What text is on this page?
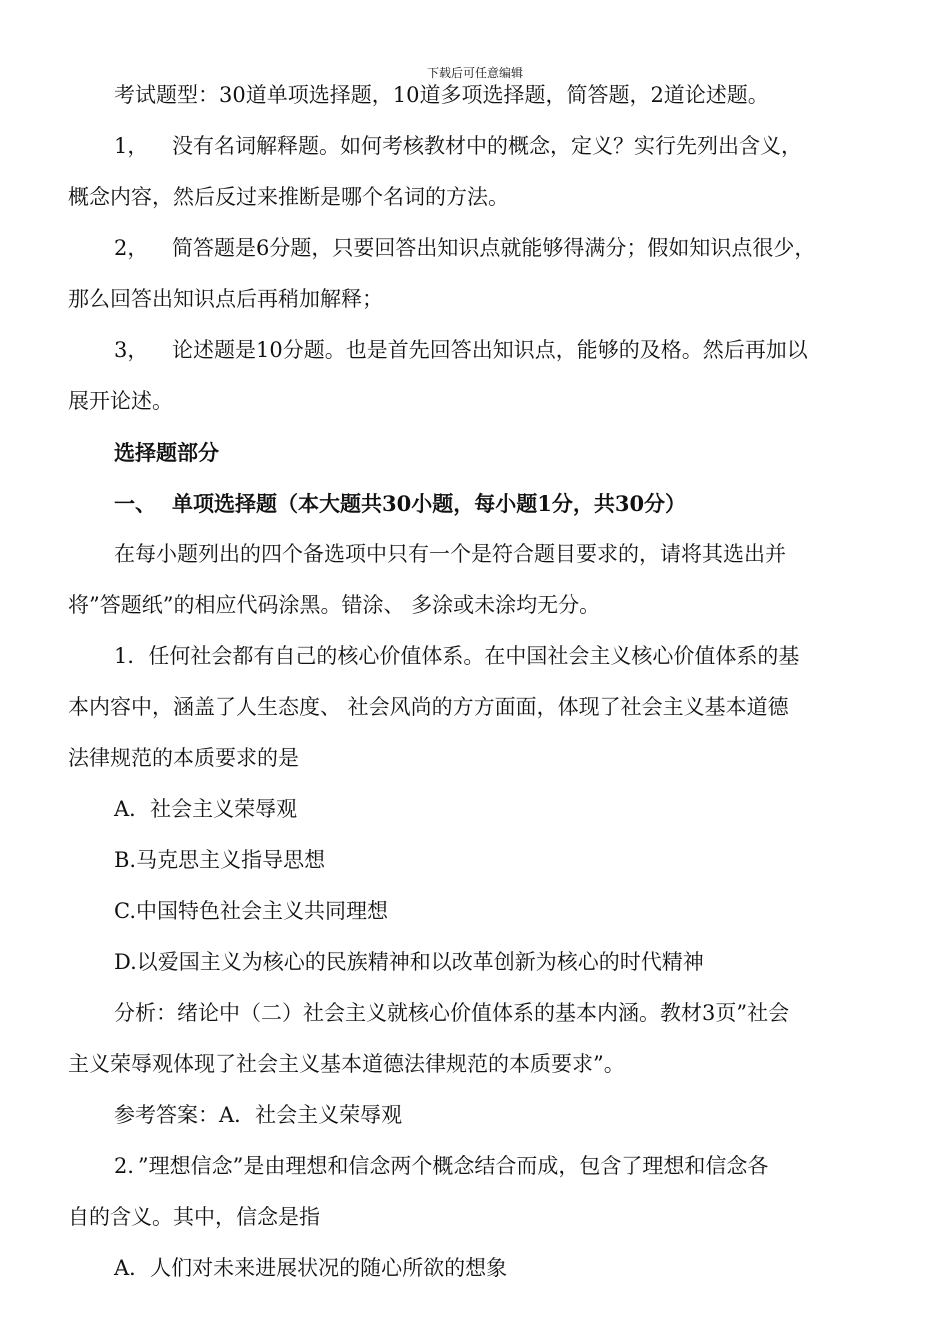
下载后可任意编辑

考试题型：30道单项选择题，10道多项选择题，简答题，2道论述题。

1， 没有名词解释题。如何考核教材中的概念，定义？实行先列出含义，

概念内容，然后反过来推断是哪个名词的方法。

2， 简答题是6分题，只要回答出知识点就能够得满分；假如知识点很少，

那么回答出知识点后再稍加解释；

3， 论述题是10分题。也是首先回答出知识点，能够的及格。然后再加以

展开论述。

选择题部分

一、 单项选择题（本大题共30小题，每小题1分，共30分）

在每小题列出的四个备选项中只有一个是符合题目要求的，请将其选出并

将”答题纸”的相应代码涂黑。错涂、 多涂或未涂均无分。

1．任何社会都有自己的核心价值体系。在中国社会主义核心价值体系的基

本内容中，涵盖了人生态度、 社会风尚的方方面面，体现了社会主义基本道德

法律规范的本质要求的是

A．社会主义荣辱观

B.马克思主义指导思想

C.中国特色社会主义共同理想

D.以爱国主义为核心的民族精神和以改革创新为核心的时代精神

分析：绪论中（二）社会主义就核心价值体系的基本内涵。教材3页”社会

主义荣辱观体现了社会主义基本道德法律规范的本质要求”。

参考答案：A．社会主义荣辱观

2．”理想信念”是由理想和信念两个概念结合而成，包含了理想和信念各

自的含义。其中，信念是指

A．人们对未来进展状况的随心所欲的想象
